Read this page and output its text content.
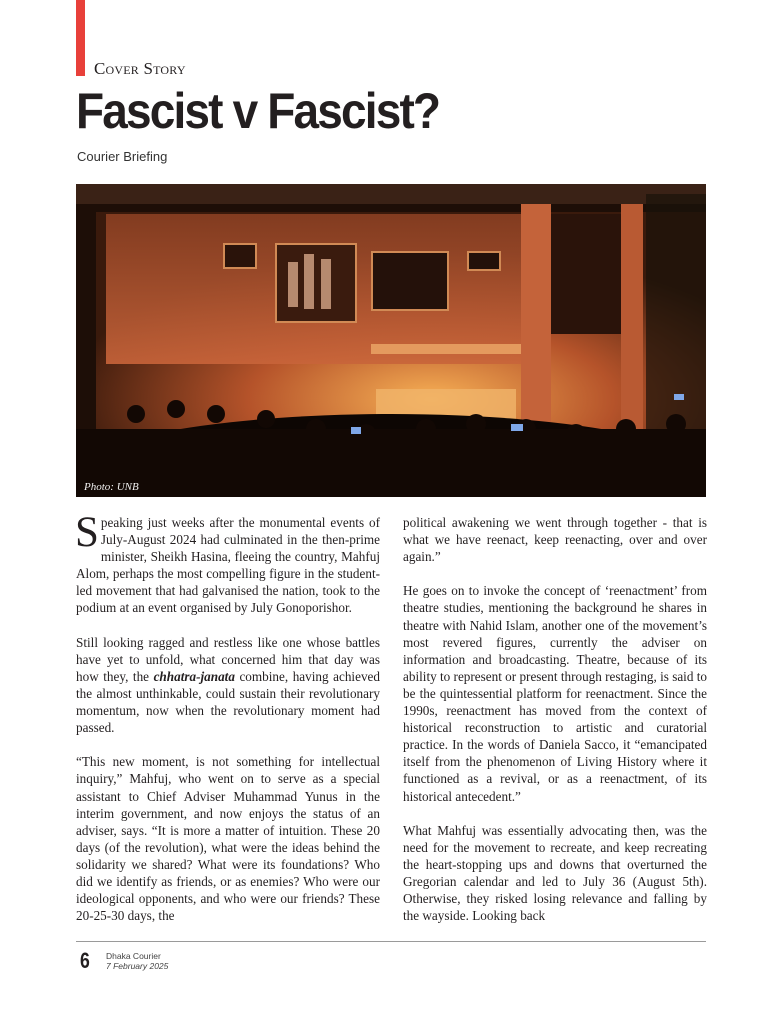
Cover Story
Fascist v Fascist?
Courier Briefing
Photo: UNB

Speaking just weeks after the monumental events of July-August 2024 had culminated in the then-prime minister, Sheikh Hasina, fleeing the country, Mahfuj Alom, perhaps the most compelling figure in the student-led movement that had galvanised the nation, took to the podium at an event organised by July Gonoporishor.

Still looking ragged and restless like one whose battles have yet to unfold, what concerned him that day was how they, the chhatra-janata combine, having achieved the almost unthinkable, could sustain their revolutionary momentum, now when the revolutionary moment had passed.

“This new moment, is not something for intellectual inquiry,” Mahfuj, who went on to serve as a special assistant to Chief Adviser Muhammad Yunus in the interim government, and now enjoys the status of an adviser, says. “It is more a matter of intuition. These 20 days (of the revolution), what were the ideas behind the solidarity we shared? What were its foundations? Who did we identify as friends, or as enemies? Who were our ideological opponents, and who were our friends? These 20-25-30 days, the

political awakening we went through together - that is what we have reenact, keep reenacting, over and over again.”

He goes on to invoke the concept of ‘reenactment’ from theatre studies, mentioning the background he shares in theatre with Nahid Islam, another one of the movement’s most revered figures, currently the adviser on information and broadcasting. Theatre, because of its ability to represent or present through restaging, is said to be the quintessential platform for reenactment. Since the 1990s, reenactment has moved from the context of historical reconstruction to artistic and curatorial practice. In the words of Daniela Sacco, it “emancipated itself from the phenomenon of Living History where it functioned as a revival, or as a reenactment, of its historical antecedent.”

What Mahfuj was essentially advocating then, was the need for the movement to recreate, and keep recreating the heart-stopping ups and downs that overturned the Gregorian calendar and led to July 36 (August 5th). Otherwise, they risked losing relevance and falling by the wayside. Looking back

6 Dhaka Courier
7 February 2025
